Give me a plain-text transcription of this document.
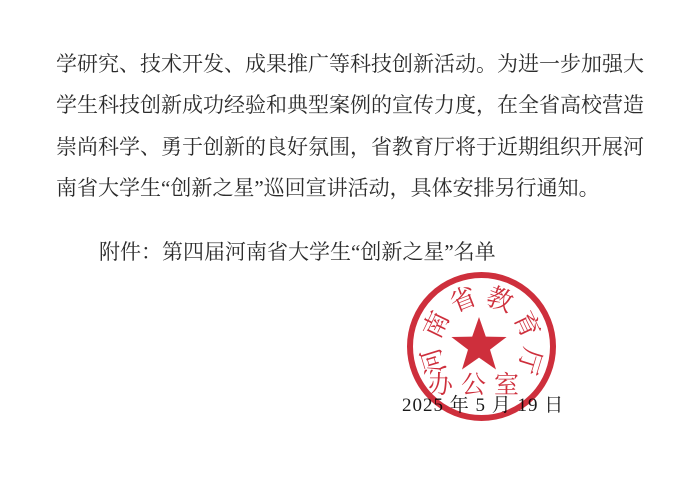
学研究、技术开发、成果推广等科技创新活动。为进一步加强大
学生科技创新成功经验和典型案例的宣传力度，在全省高校营造
崇尚科学、勇于创新的良好氛围，省教育厅将于近期组织开展河
南省大学生“创新之星”巡回宣讲活动，具体安排另行通知。
附件：第四届河南省大学生“创新之星”名单
2025 年 5 月 19 日
河
南
省 教
育
厅
办公室
